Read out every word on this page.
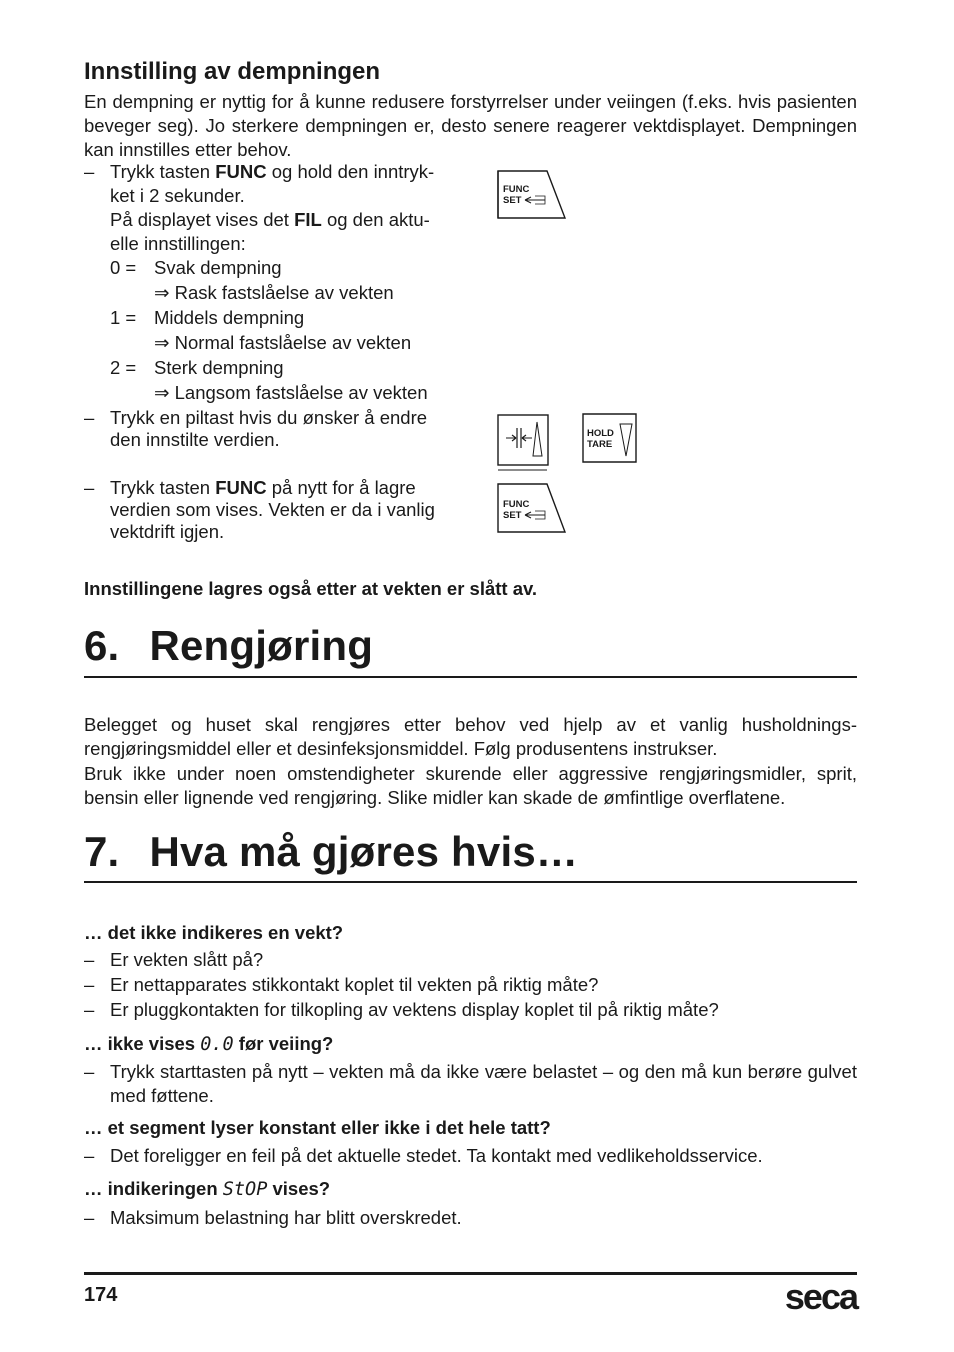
Innstilling av dempningen

En dempning er nyttig for å kunne redusere forstyrrelser under veiingen (f.eks. hvis pasienten beveger seg). Jo sterkere dempningen er, desto senere reagerer vektdisplayet. Dempningen kan innstilles etter behov.

– Trykk tasten FUNC og hold den inntryk-
ket i 2 sekunder.
På displayet vises det FIL og den aktu-
elle innstillingen:
0 = Svak dempning
⇒ Rask fastslåelse av vekten
1 = Middels dempning
⇒ Normal fastslåelse av vekten
2 = Sterk dempning
⇒ Langsom fastslåelse av vekten
– Trykk en piltast hvis du ønsker å endre
den innstilte verdien.
– Trykk tasten FUNC på nytt for å lagre
verdien som vises. Vekten er da i vanlig
vektdrift igjen.
FUNC
SET
HOLD
TARE
FUNC
SET
Innstillingene lagres også etter at vekten er slått av.
6. Rengjøring

Belegget og huset skal rengjøres etter behov ved hjelp av et vanlig husholdnings-rengjøringsmiddel eller et desinfeksjonsmiddel. Følg produsentens instrukser.

Bruk ikke under noen omstendigheter skurende eller aggressive rengjøringsmidler, sprit, bensin eller lignende ved rengjøring. Slike midler kan skade de ømfintlige overflatene.

7. Hva må gjøres hvis…
… det ikke indikeres en vekt?
– Er vekten slått på?
– Er nettapparates stikkontakt koplet til vekten på riktig måte?
– Er pluggkontakten for tilkopling av vektens display koplet til på riktig måte?
… ikke vises 0.0 før veiing?
– Trykk starttasten på nytt – vekten må da ikke være belastet – og den må kun berøre gulvet med føttene.
… et segment lyser konstant eller ikke i det hele tatt?
– Det foreligger en feil på det aktuelle stedet. Ta kontakt med vedlikeholdsservice.
… indikeringen StOP vises?
– Maksimum belastning har blitt overskredet.
174	seca
